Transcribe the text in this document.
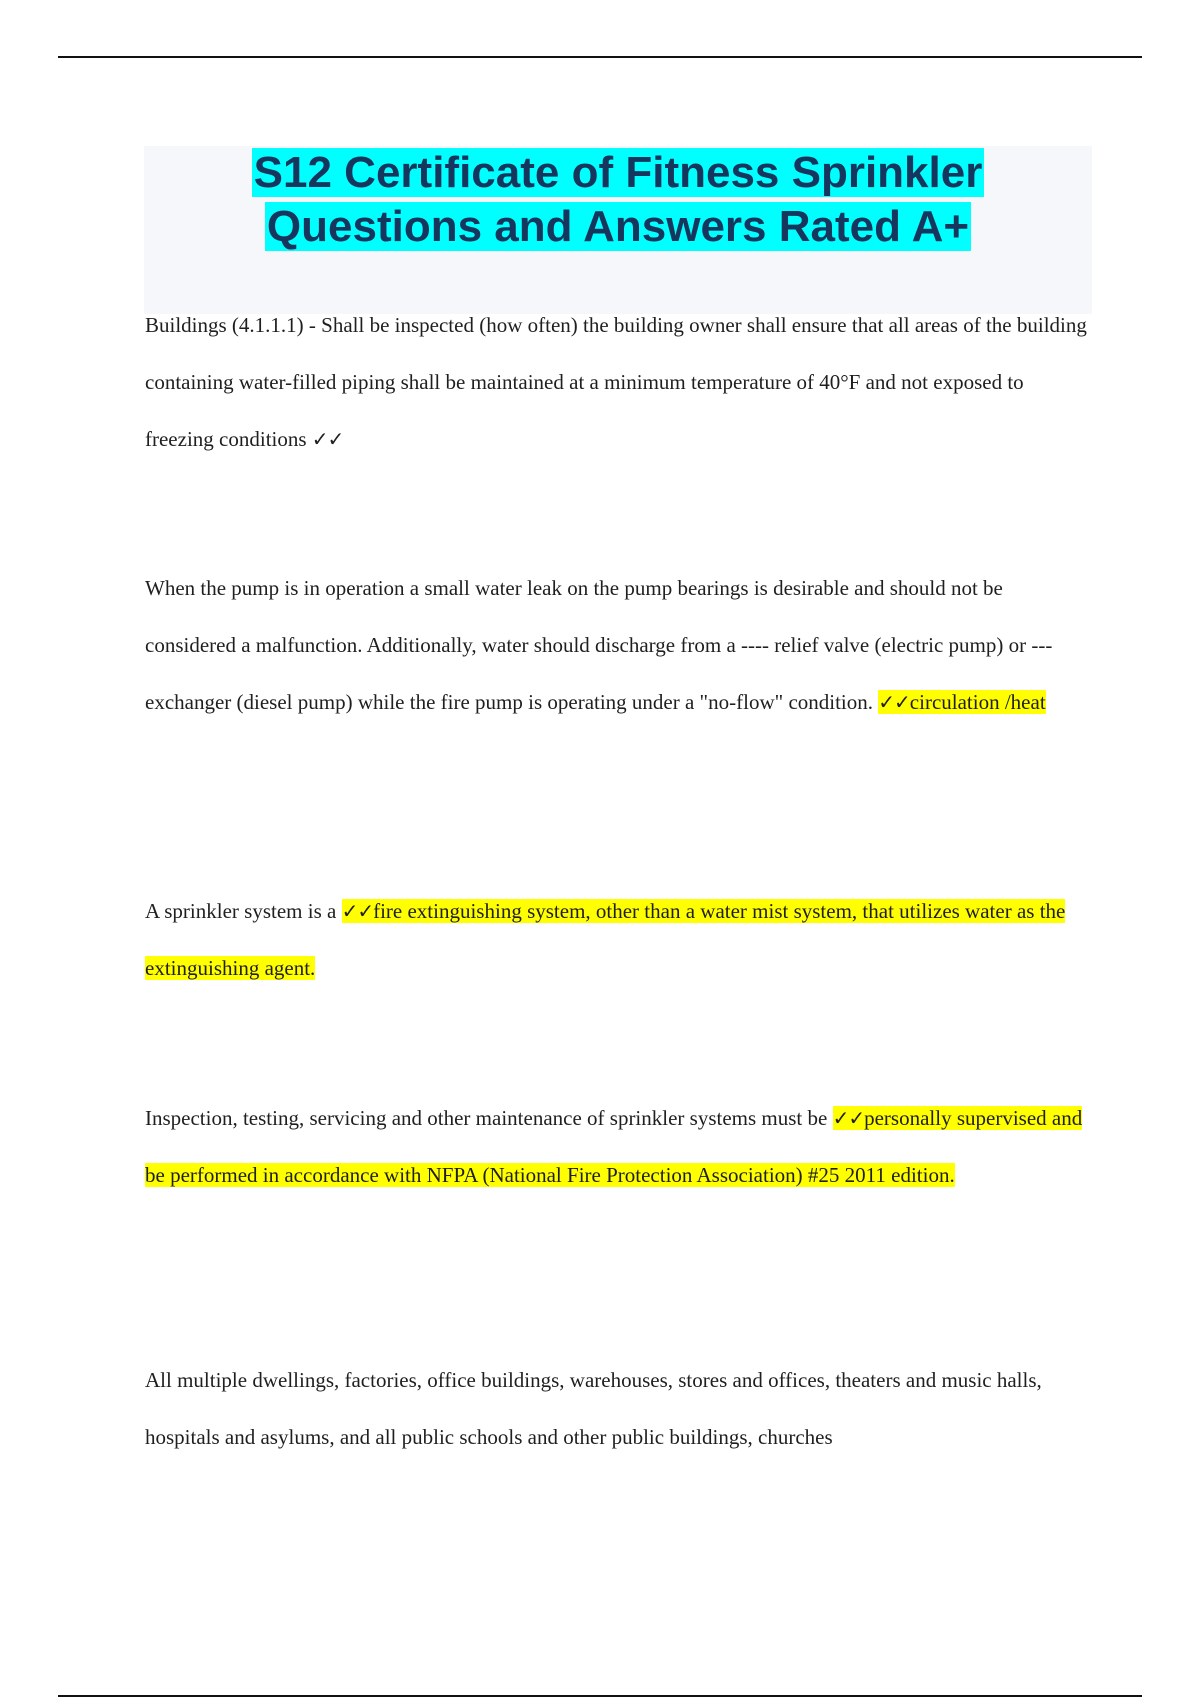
S12 Certificate of Fitness Sprinkler
Questions and Answers Rated A+
Buildings (4.1.1.1) - Shall be inspected (how often) the building owner shall ensure that all areas of the building containing water-filled piping shall be maintained at a minimum temperature of 40°F and not exposed to freezing conditions ✓✓
When the pump is in operation a small water leak on the pump bearings is desirable and should not be considered a malfunction. Additionally, water should discharge from a ---- relief valve (electric pump) or --- exchanger (diesel pump) while the fire pump is operating under a "no-flow" condition. ✓✓circulation /heat
A sprinkler system is a ✓✓fire extinguishing system, other than a water mist system, that utilizes water as the extinguishing agent.
Inspection, testing, servicing and other maintenance of sprinkler systems must be ✓✓personally supervised and be performed in accordance with NFPA (National Fire Protection Association) #25 2011 edition.
All multiple dwellings, factories, office buildings, warehouses, stores and offices, theaters and music halls, hospitals and asylums, and all public schools and other public buildings, churches
